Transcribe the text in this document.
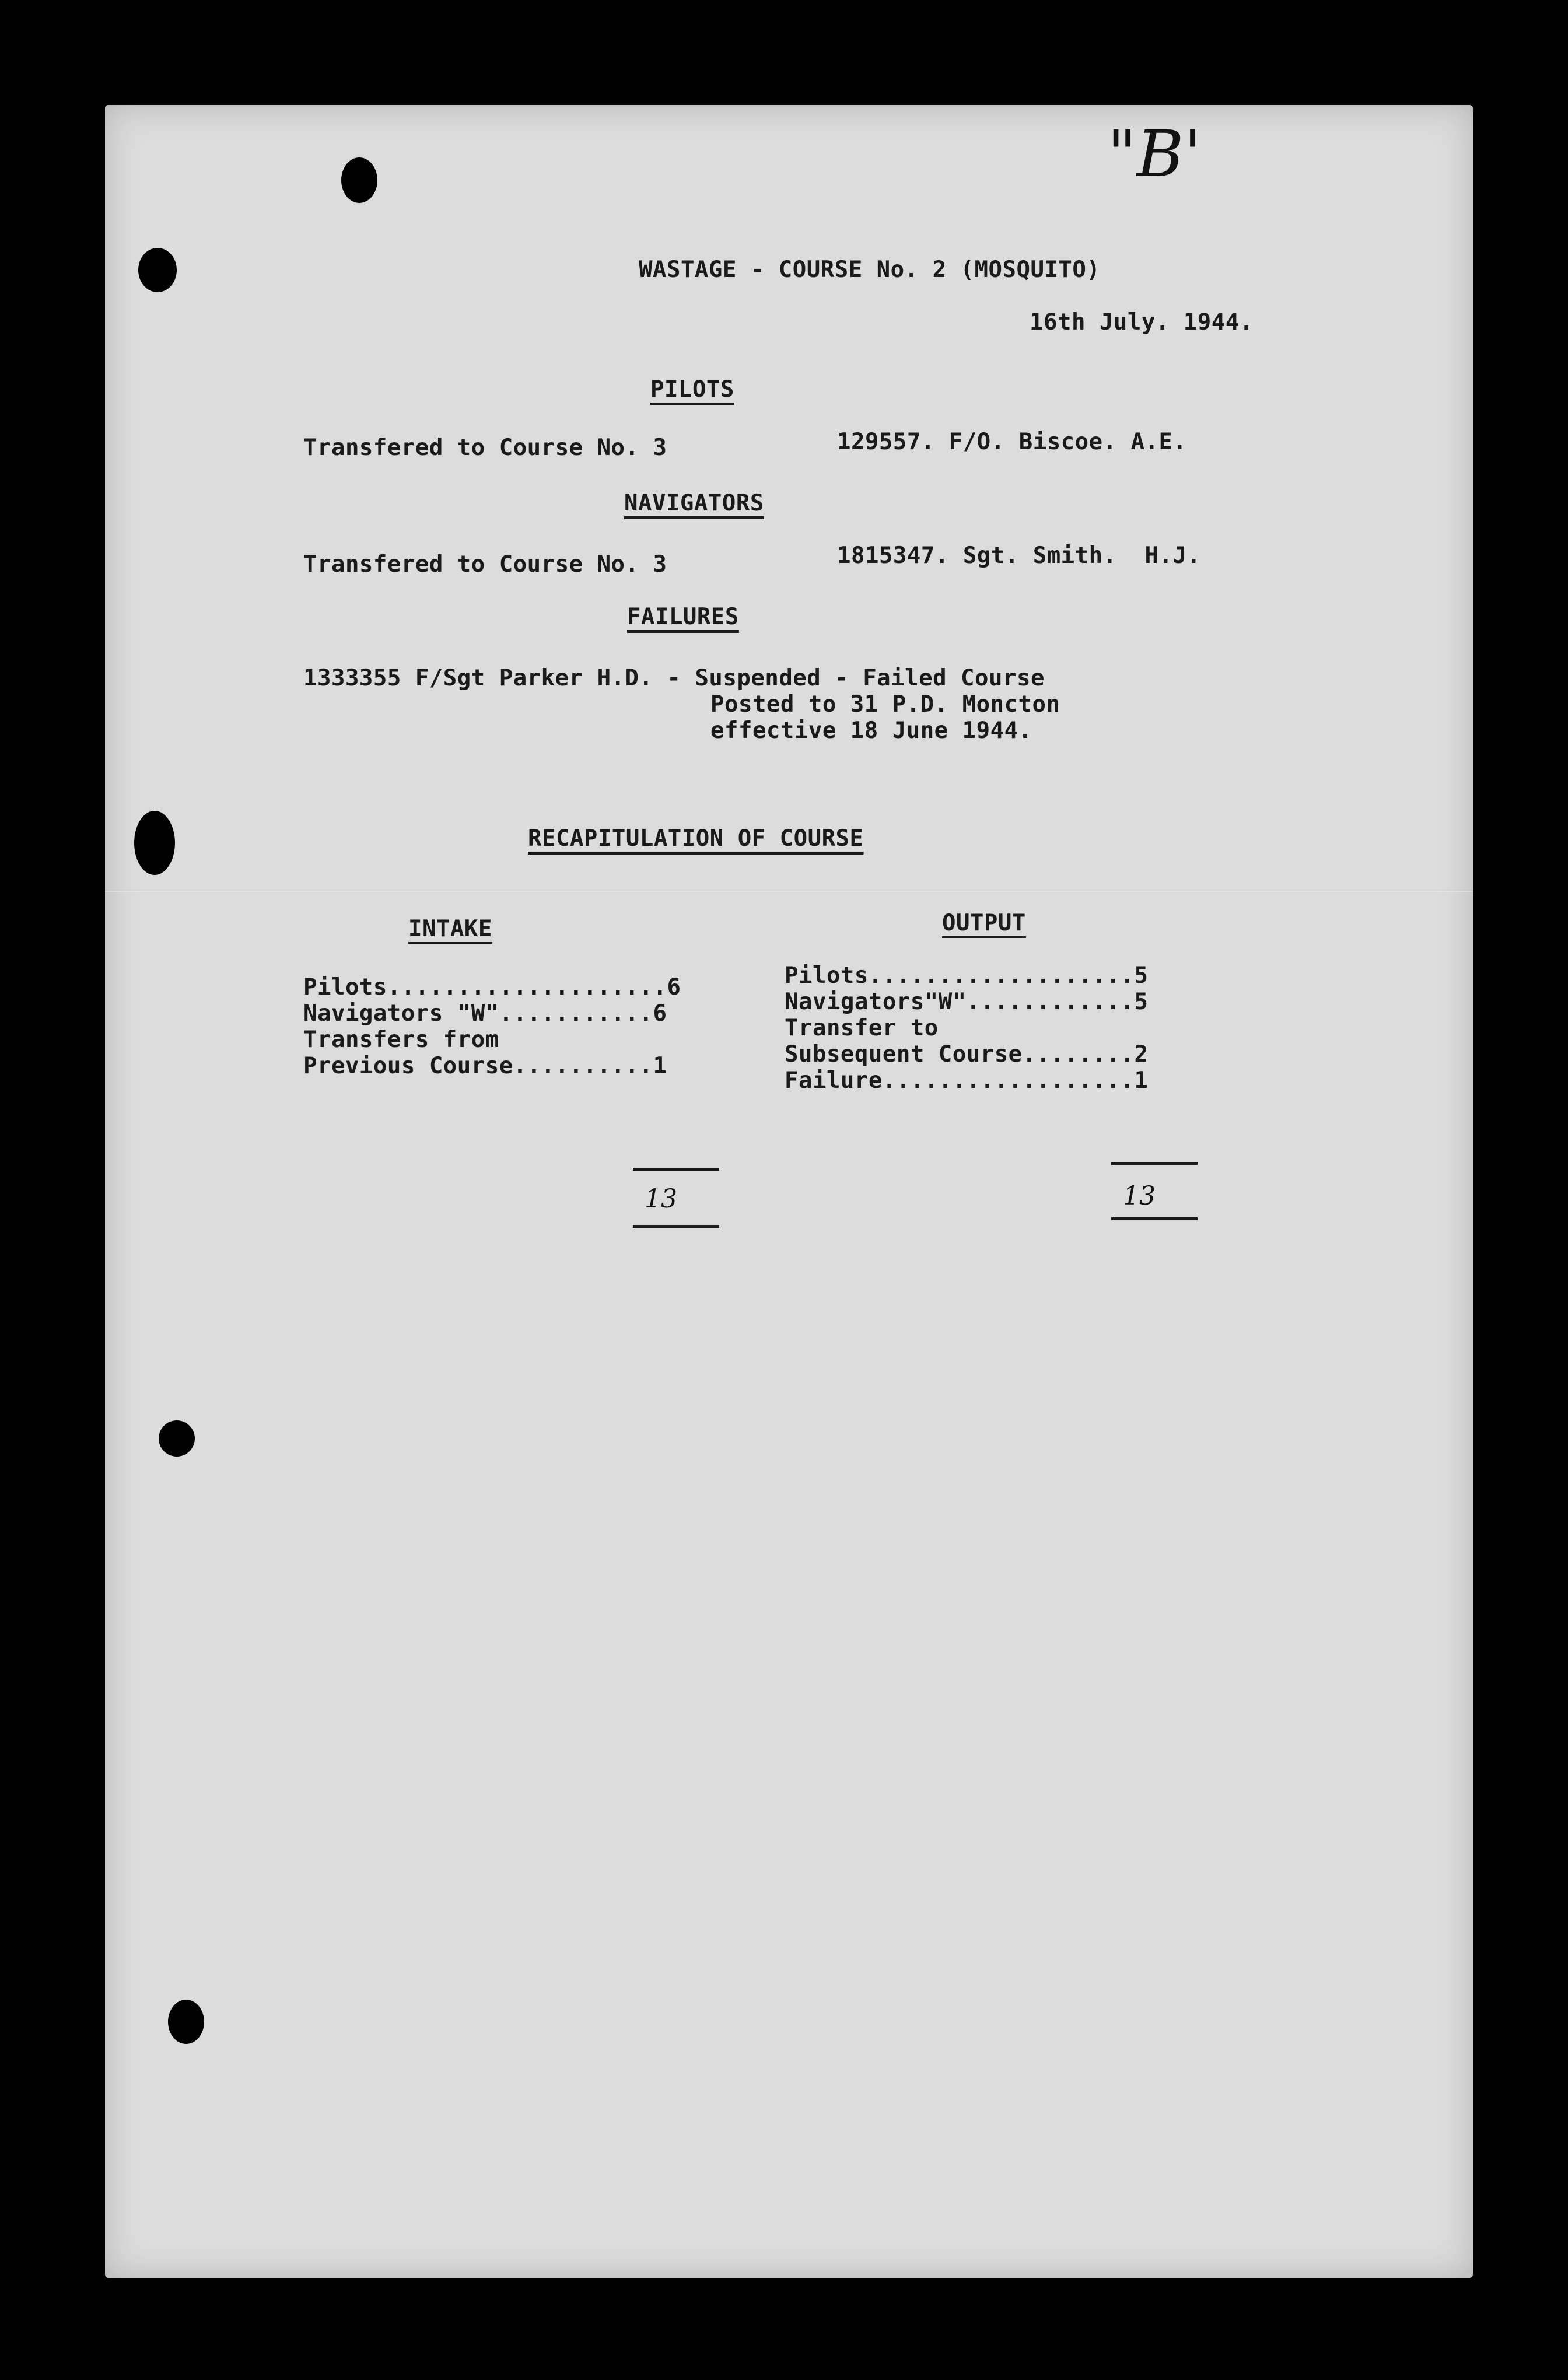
"B'
WASTAGE - COURSE No. 2 (MOSQUITO)
16th July. 1944.
PILOTS
Transfered to Course No. 3	129557. F/O. Biscoe. A.E.
NAVIGATORS
Transfered to Course No. 3	1815347. Sgt. Smith.  H.J.
FAILURES
1333355 F/Sgt Parker H.D. - Suspended - Failed Course
Posted to 31 P.D. Moncton
effective 18 June 1944.
RECAPITULATION OF COURSE
INTAKE
Pilots....................6
Navigators "W"...........6
Transfers from
Previous Course..........1
OUTPUT
Pilots...................5
Navigators"W"............5
Transfer to
Subsequent Course........2
Failure..................1
13	13
